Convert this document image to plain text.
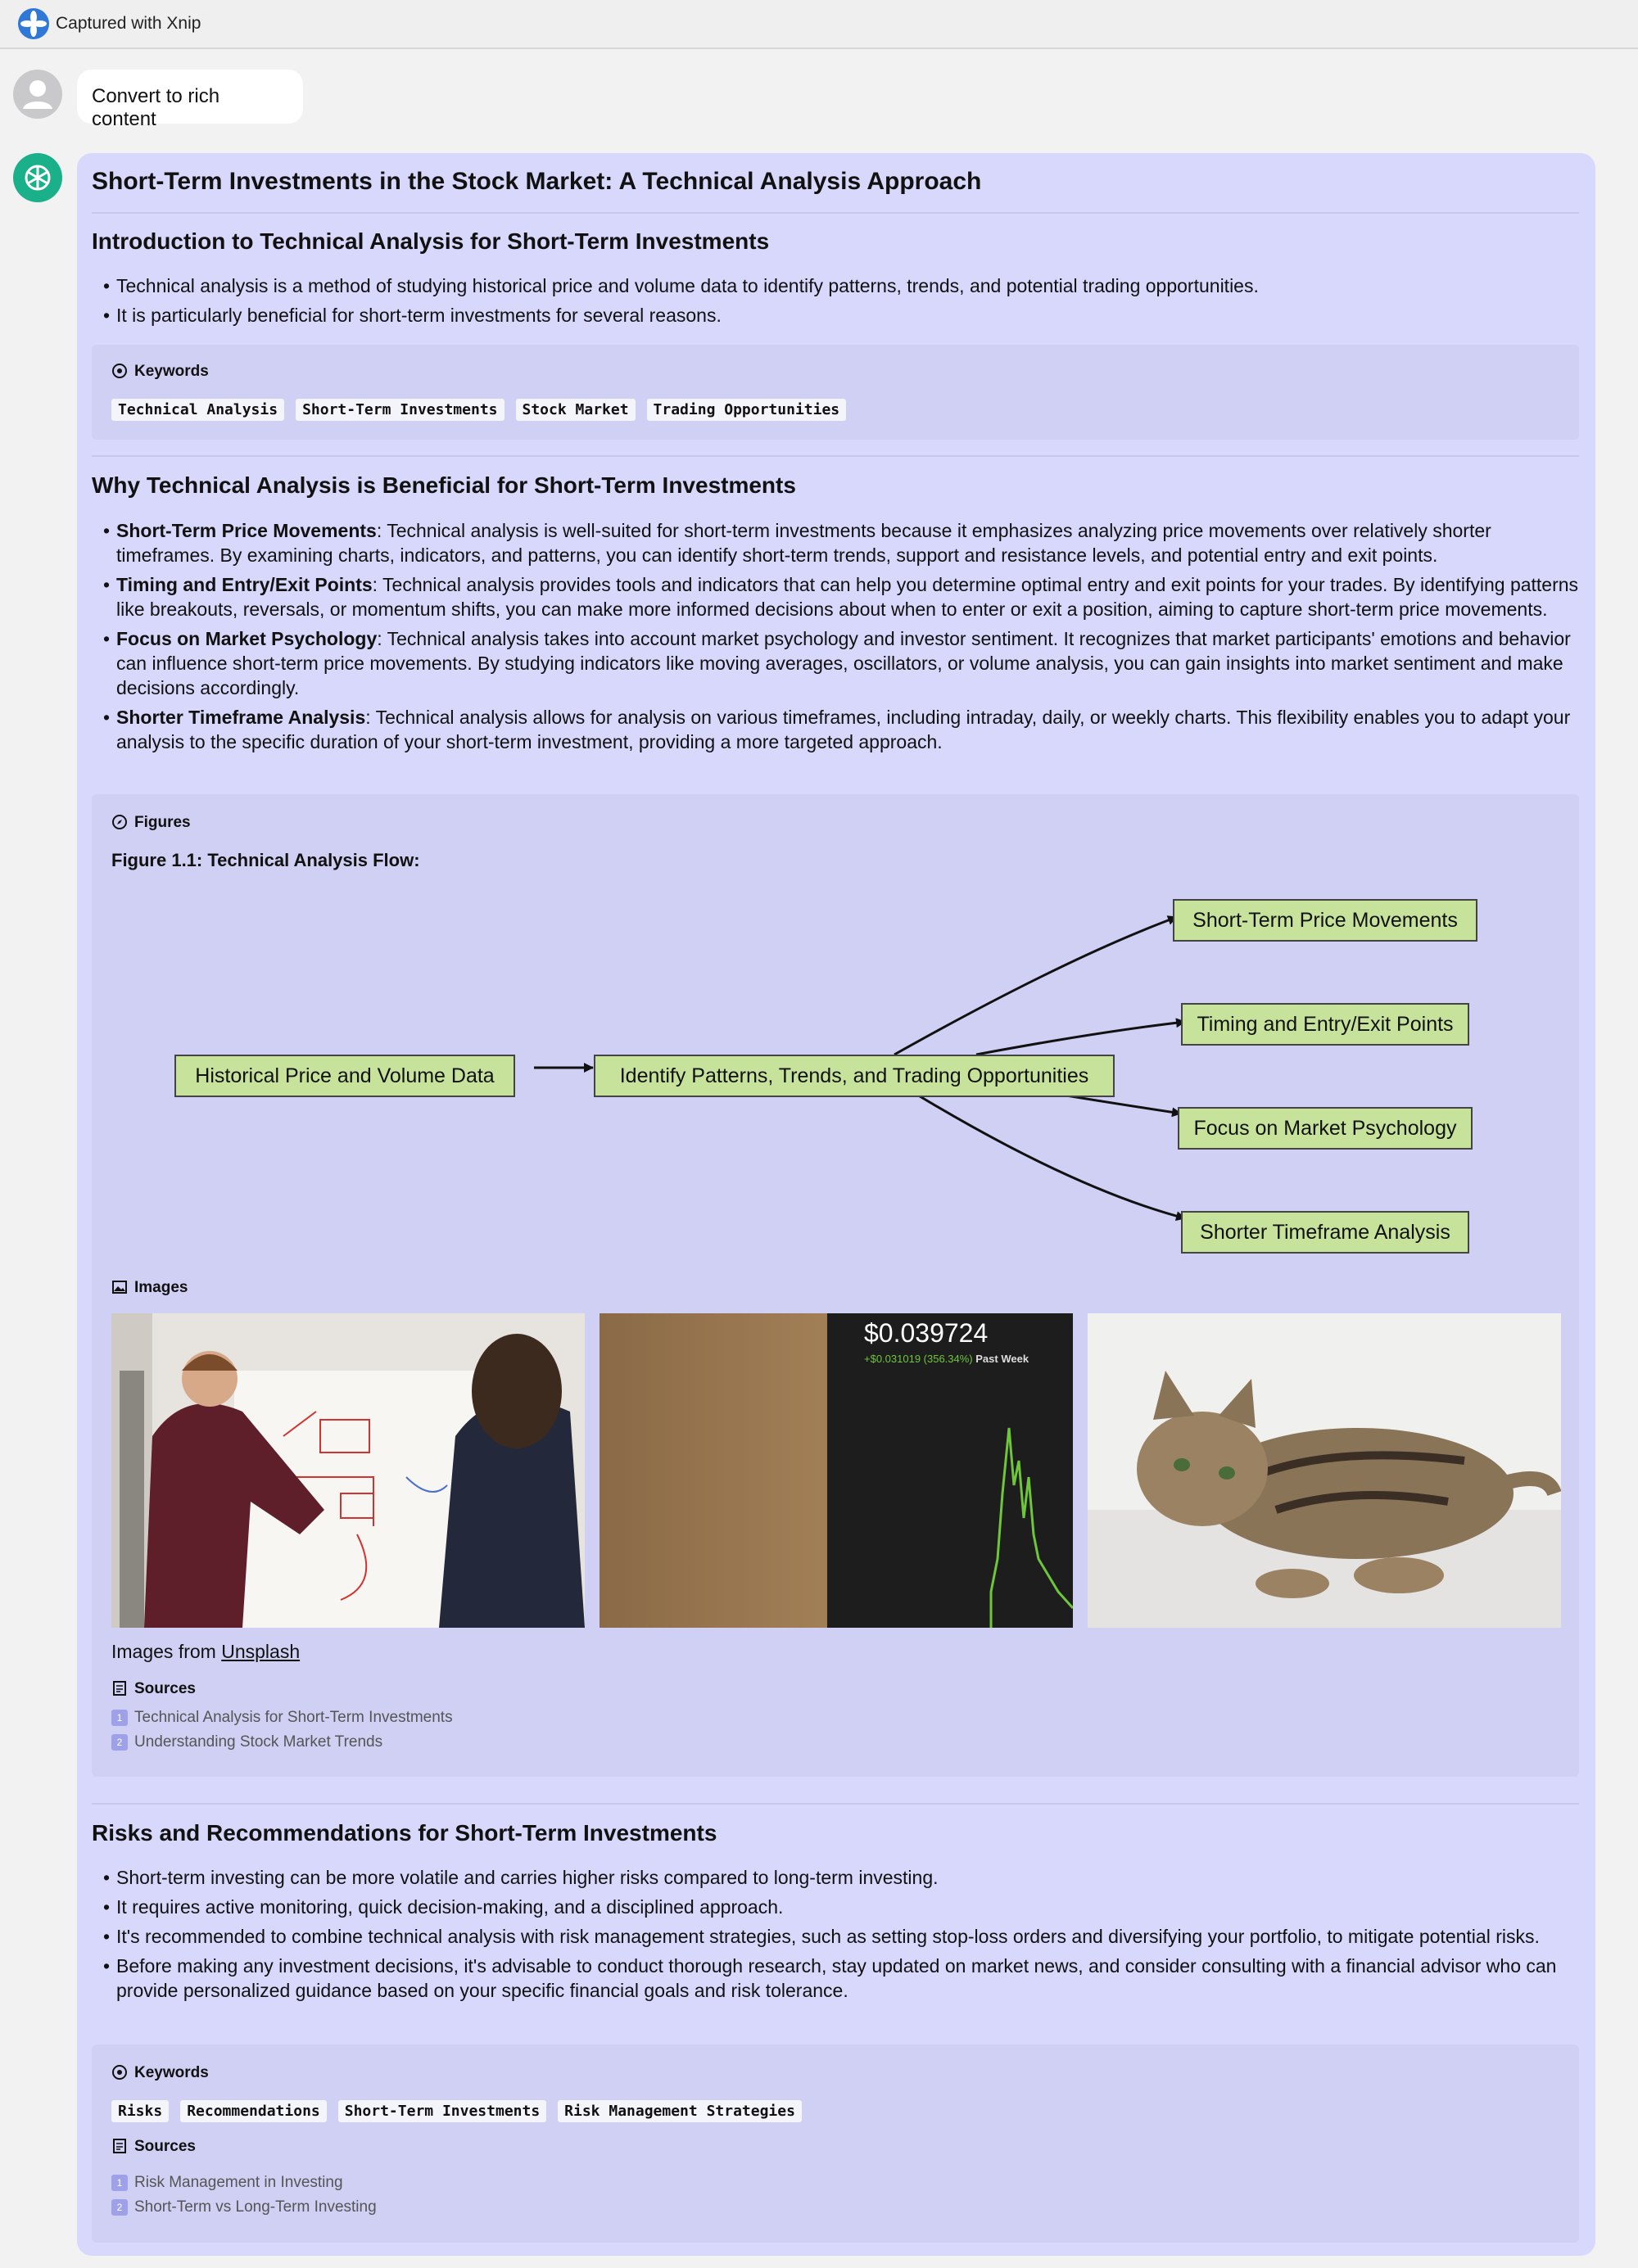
Captured with Xnip
Convert to rich content
Short-Term Investments in the Stock Market: A Technical Analysis Approach
Introduction to Technical Analysis for Short-Term Investments
• Technical analysis is a method of studying historical price and volume data to identify patterns, trends, and potential trading opportunities.
• It is particularly beneficial for short-term investments for several reasons.
Keywords
Technical Analysis	Short-Term Investments	Stock Market	Trading Opportunities
Why Technical Analysis is Beneficial for Short-Term Investments
• Short-Term Price Movements: Technical analysis is well-suited for short-term investments because it emphasizes analyzing price movements over relatively shorter timeframes. By examining charts, indicators, and patterns, you can identify short-term trends, support and resistance levels, and potential entry and exit points.
• Timing and Entry/Exit Points: Technical analysis provides tools and indicators that can help you determine optimal entry and exit points for your trades. By identifying patterns like breakouts, reversals, or momentum shifts, you can make more informed decisions about when to enter or exit a position, aiming to capture short-term price movements.
• Focus on Market Psychology: Technical analysis takes into account market psychology and investor sentiment. It recognizes that market participants' emotions and behavior can influence short-term price movements. By studying indicators like moving averages, oscillators, or volume analysis, you can gain insights into market sentiment and make decisions accordingly.
• Shorter Timeframe Analysis: Technical analysis allows for analysis on various timeframes, including intraday, daily, or weekly charts. This flexibility enables you to adapt your analysis to the specific duration of your short-term investment, providing a more targeted approach.
Figures
Figure 1.1: Technical Analysis Flow:
Historical Price and Volume Data	Identify Patterns, Trends, and Trading Opportunities
Short-Term Price Movements
Timing and Entry/Exit Points
Focus on Market Psychology
Shorter Timeframe Analysis
Images
$0.039724
+$0.031019 (356.34%) Past Week
Images from Unsplash
Sources
1 Technical Analysis for Short-Term Investments
2 Understanding Stock Market Trends
Risks and Recommendations for Short-Term Investments
• Short-term investing can be more volatile and carries higher risks compared to long-term investing.
• It requires active monitoring, quick decision-making, and a disciplined approach.
• It's recommended to combine technical analysis with risk management strategies, such as setting stop-loss orders and diversifying your portfolio, to mitigate potential risks.
• Before making any investment decisions, it's advisable to conduct thorough research, stay updated on market news, and consider consulting with a financial advisor who can provide personalized guidance based on your specific financial goals and risk tolerance.
Keywords
Risks	Recommendations	Short-Term Investments	Risk Management Strategies
Sources
1 Risk Management in Investing
2 Short-Term vs Long-Term Investing
